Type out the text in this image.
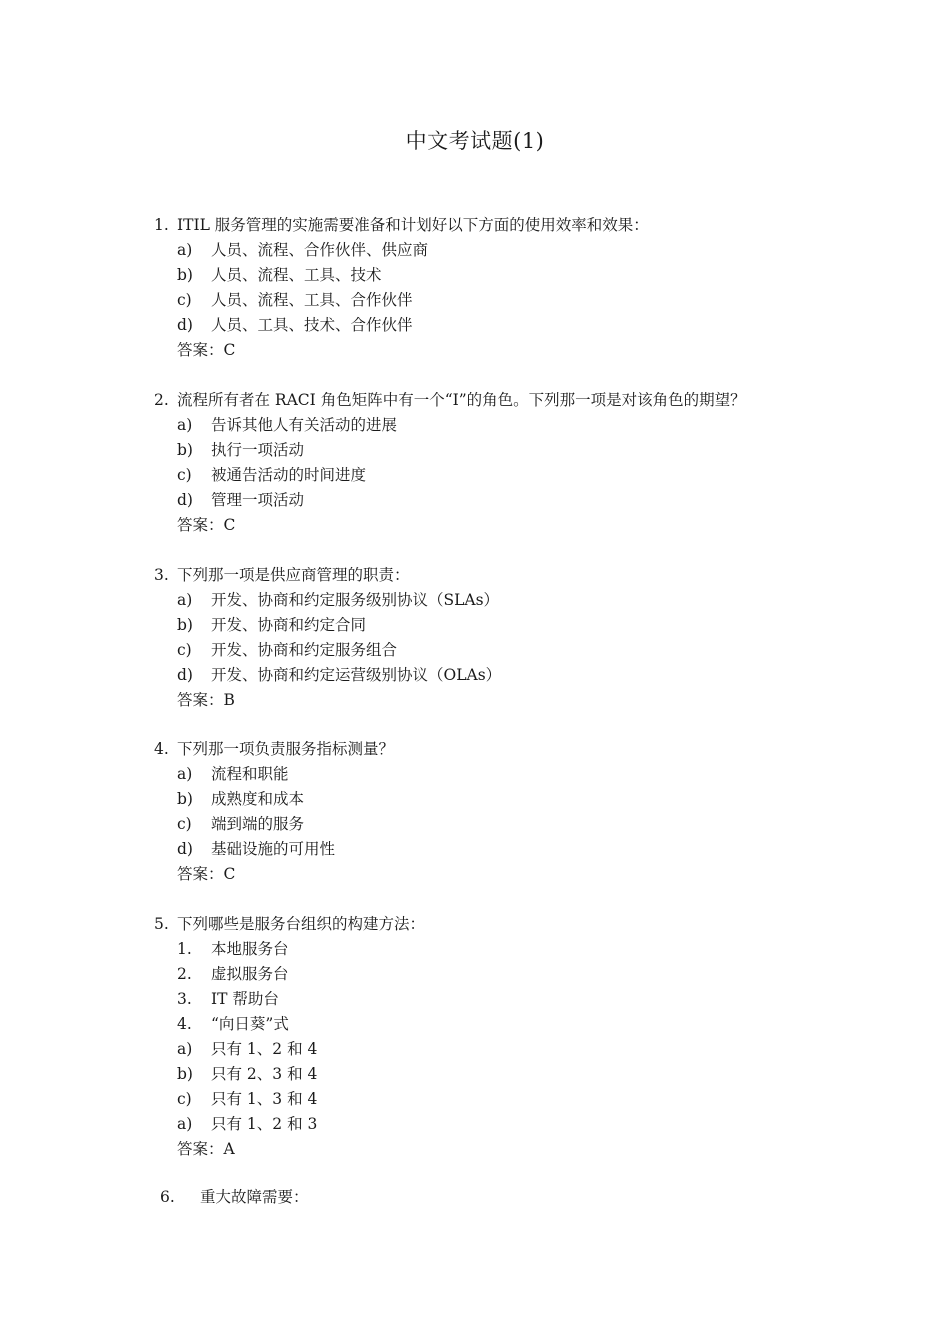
中文考试题(1)
1. ITIL 服务管理的实施需要准备和计划好以下方面的使用效率和效果：
a) 人员、流程、合作伙伴、供应商
b) 人员、流程、工具、技术
c) 人员、流程、工具、合作伙伴
d) 人员、工具、技术、合作伙伴
答案：C
2. 流程所有者在 RACI 角色矩阵中有一个“I”的角色。下列那一项是对该角色的期望？
a) 告诉其他人有关活动的进展
b) 执行一项活动
c) 被通告活动的时间进度
d) 管理一项活动
答案：C
3. 下列那一项是供应商管理的职责：
a) 开发、协商和约定服务级别协议（SLAs）
b) 开发、协商和约定合同
c) 开发、协商和约定服务组合
d) 开发、协商和约定运营级别协议（OLAs）
答案：B
4. 下列那一项负责服务指标测量？
a) 流程和职能
b) 成熟度和成本
c) 端到端的服务
d) 基础设施的可用性
答案：C
5. 下列哪些是服务台组织的构建方法：
1. 本地服务台
2. 虚拟服务台
3. IT 帮助台
4. “向日葵”式
a) 只有 1、2 和 4
b) 只有 2、3 和 4
c) 只有 1、3 和 4
a) 只有 1、2 和 3
答案：A
6. 重大故障需要：
